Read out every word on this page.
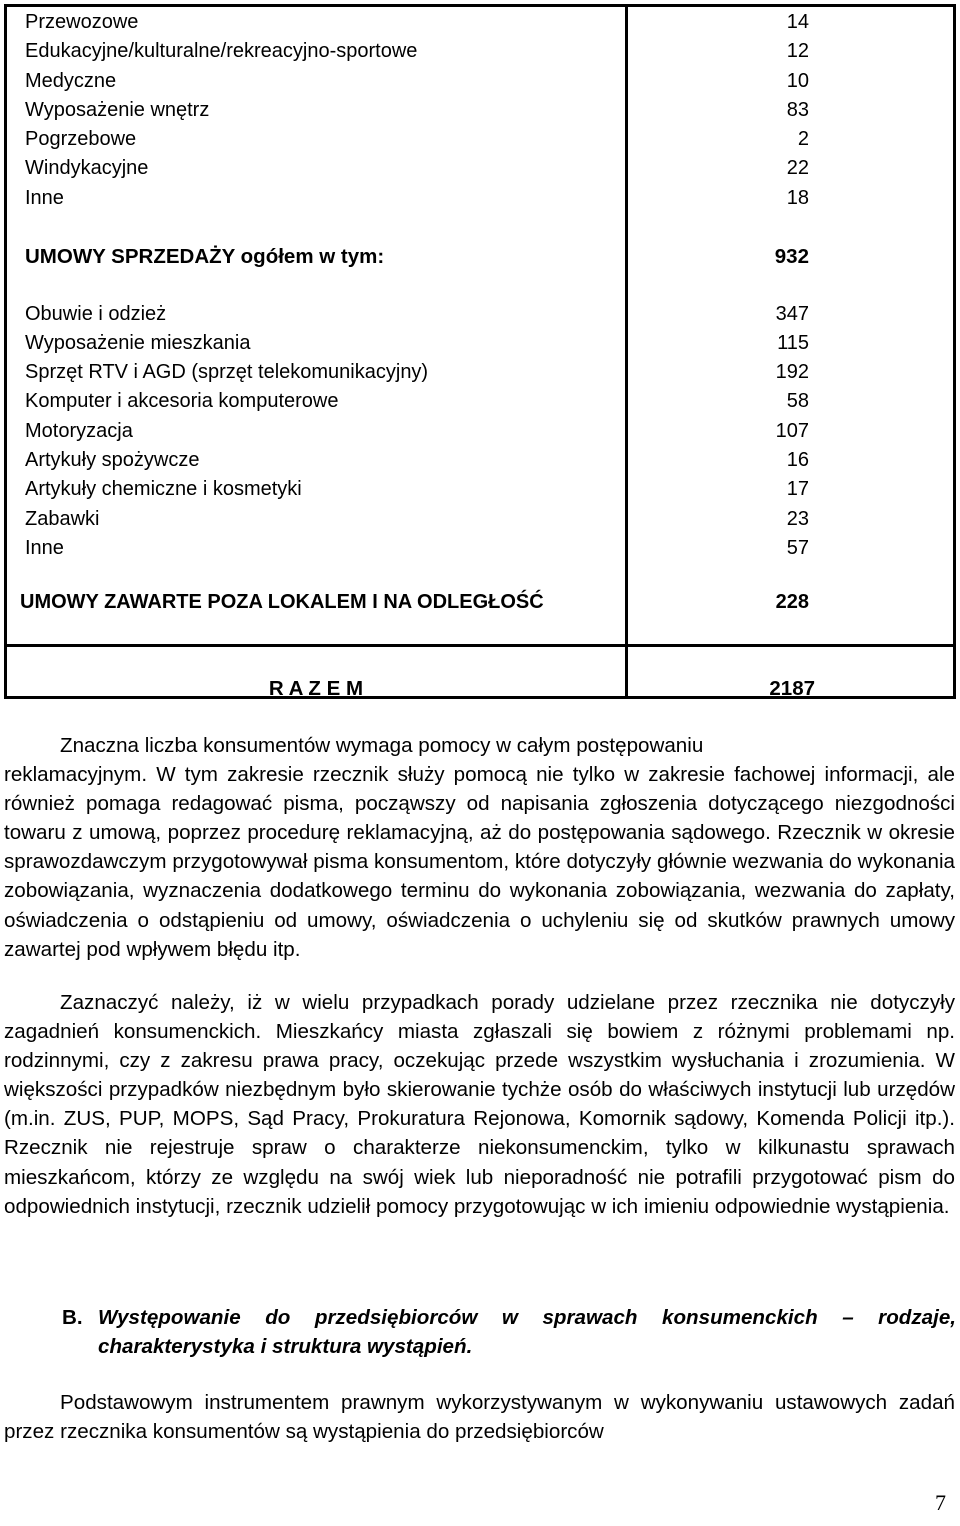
Przewozowe	14
Edukacyjne/kulturalne/rekreacyjno-sportowe	12
Medyczne	10
Wyposażenie wnętrz	83
Pogrzebowe	2
Windykacyjne	22
Inne	18
UMOWY SPRZEDAŻY ogółem w tym:	932
Obuwie i odzież	347
Wyposażenie mieszkania	115
Sprzęt RTV i AGD (sprzęt telekomunikacyjny)	192
Komputer i akcesoria komputerowe	58
Motoryzacja	107
Artykuły spożywcze	16
Artykuły chemiczne i kosmetyki	17
Zabawki	23
Inne	57
UMOWY ZAWARTE POZA LOKALEM I NA ODLEGŁOŚĆ	228
R A Z E M	2187

Znaczna liczba konsumentów wymaga pomocy w całym postępowaniu
reklamacyjnym. W tym zakresie rzecznik służy pomocą nie tylko w zakresie fachowej informacji, ale również pomaga redagować pisma, począwszy od napisania zgłoszenia dotyczącego niezgodności towaru z umową, poprzez procedurę reklamacyjną, aż do postępowania sądowego. Rzecznik w okresie sprawozdawczym przygotowywał pisma konsumentom, które dotyczyły głównie wezwania do wykonania zobowiązania, wyznaczenia dodatkowego terminu do wykonania zobowiązania, wezwania do zapłaty, oświadczenia o odstąpieniu od umowy, oświadczenia o uchyleniu się od skutków prawnych umowy zawartej pod wpływem błędu itp.

Zaznaczyć należy, iż w wielu przypadkach porady udzielane przez rzecznika nie dotyczyły zagadnień konsumenckich. Mieszkańcy miasta zgłaszali się bowiem z różnymi problemami np. rodzinnymi, czy z zakresu prawa pracy, oczekując przede wszystkim wysłuchania i zrozumienia. W większości przypadków niezbędnym było skierowanie tychże osób do właściwych instytucji lub urzędów (m.in. ZUS, PUP, MOPS, Sąd Pracy, Prokuratura Rejonowa, Komornik sądowy, Komenda Policji itp.). Rzecznik nie rejestruje spraw o charakterze niekonsumenckim, tylko w kilkunastu sprawach mieszkańcom, którzy ze względu na swój wiek lub nieporadność nie potrafili przygotować pism do odpowiednich instytucji, rzecznik udzielił pomocy przygotowując w ich imieniu odpowiednie wystąpienia.

B. Występowanie do przedsiębiorców w sprawach konsumenckich – rodzaje, charakterystyka i struktura wystąpień.

Podstawowym instrumentem prawnym wykorzystywanym w wykonywaniu ustawowych zadań przez rzecznika konsumentów są wystąpienia do przedsiębiorców

7
